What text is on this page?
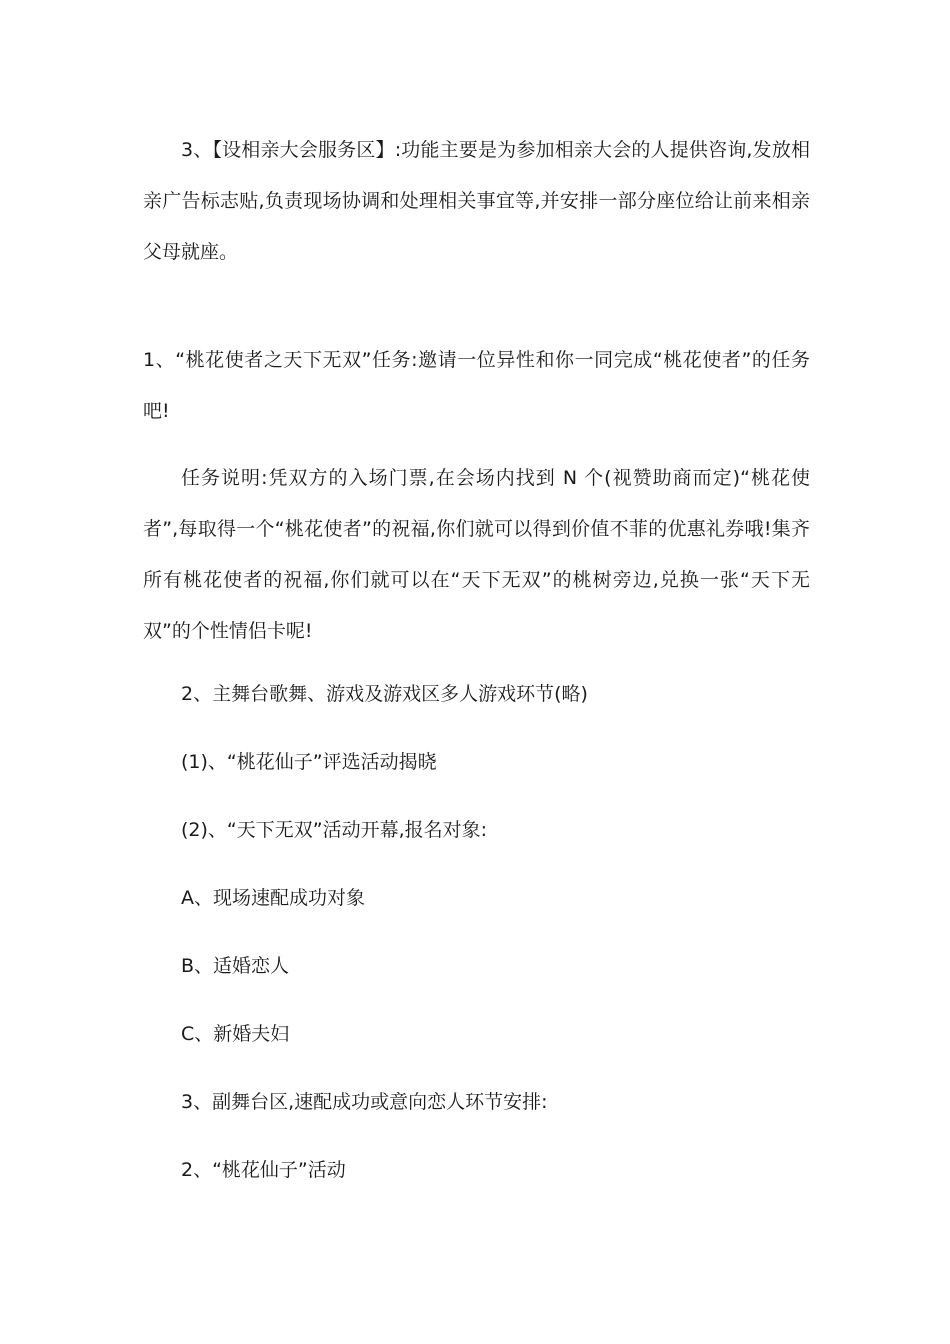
3、【设相亲大会服务区】:功能主要是为参加相亲大会的人提供咨询,发放相亲广告标志贴,负责现场协调和处理相关事宜等,并安排一部分座位给让前来相亲父母就座。

1、“桃花使者之天下无双”任务:邀请一位异性和你一同完成“桃花使者”的任务吧!

任务说明:凭双方的入场门票,在会场内找到 N 个(视赞助商而定)“桃花使者”,每取得一个“桃花使者”的祝福,你们就可以得到价值不菲的优惠礼券哦!集齐所有桃花使者的祝福,你们就可以在“天下无双”的桃树旁边,兑换一张“天下无双”的个性情侣卡呢!

2、主舞台歌舞、游戏及游戏区多人游戏环节(略)

(1)、“桃花仙子”评选活动揭晓

(2)、“天下无双”活动开幕,报名对象:

A、现场速配成功对象

B、适婚恋人

C、新婚夫妇

3、副舞台区,速配成功或意向恋人环节安排:

2、“桃花仙子”活动
